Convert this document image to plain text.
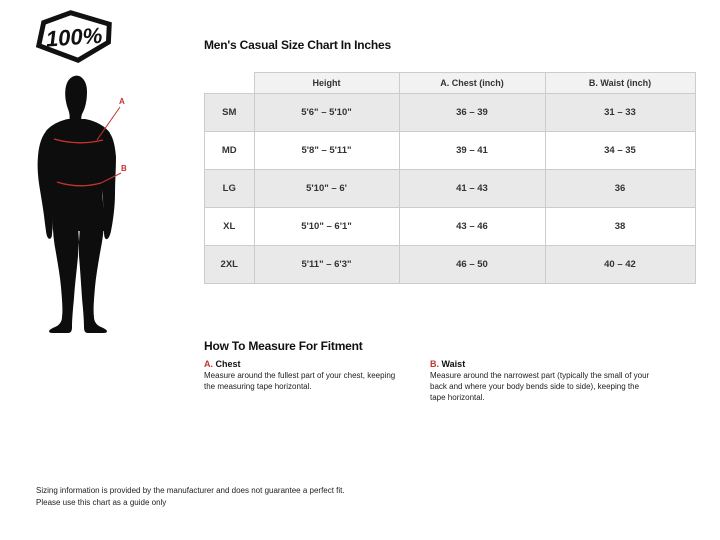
100%
A
B
Men's Casual Size Chart In Inches
	Height	A. Chest (inch)	B. Waist (inch)
SM	5'6" – 5'10"	36 – 39	31 – 33
MD	5'8" – 5'11"	39 – 41	34 – 35
LG	5'10" – 6'	41 – 43	36
XL	5'10" – 6'1"	43 – 46	38
2XL	5'11" – 6'3"	46 – 50	40 – 42
How To Measure For Fitment
A. Chest
Measure around the fullest part of your chest, keeping the measuring tape horizontal.
B. Waist
Measure around the narrowest part (typically the small of your back and where your body bends side to side), keeping the tape horizontal.
Sizing information is provided by the manufacturer and does not guarantee a perfect fit.
Please use this chart as a guide only
